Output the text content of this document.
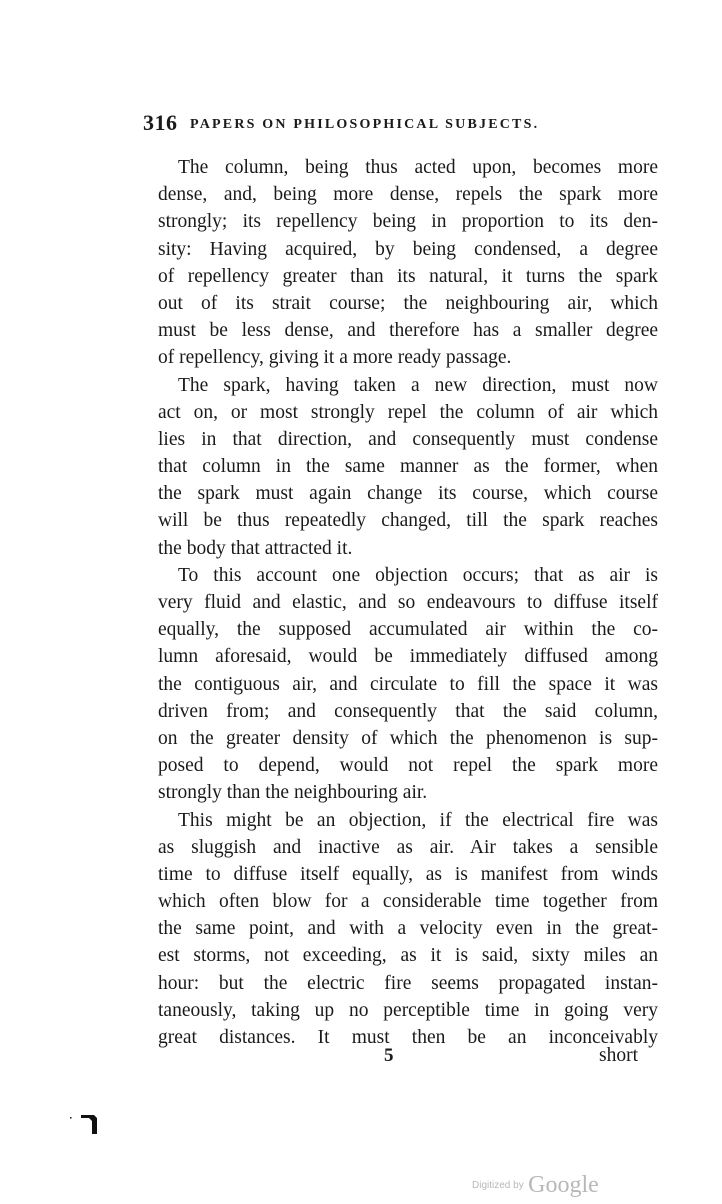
316 PAPERS ON PHILOSOPHICAL SUBJECTS.
The column, being thus acted upon, becomes more
dense, and, being more dense, repels the spark more
strongly; its repellency being in proportion to its den-
sity: Having acquired, by being condensed, a degree
of repellency greater than its natural, it turns the spark
out of its strait course; the neighbouring air, which
must be less dense, and therefore has a smaller degree
of repellency, giving it a more ready passage.
The spark, having taken a new direction, must now
act on, or most strongly repel the column of air which
lies in that direction, and consequently must condense
that column in the same manner as the former, when
the spark must again change its course, which course
will be thus repeatedly changed, till the spark reaches
the body that attracted it.
To this account one objection occurs; that as air is
very fluid and elastic, and so endeavours to diffuse itself
equally, the supposed accumulated air within the co-
lumn aforesaid, would be immediately diffused among
the contiguous air, and circulate to fill the space it was
driven from; and consequently that the said column,
on the greater density of which the phenomenon is sup-
posed to depend, would not repel the spark more
strongly than the neighbouring air.
This might be an objection, if the electrical fire was
as sluggish and inactive as air. Air takes a sensible
time to diffuse itself equally, as is manifest from winds
which often blow for a considerable time together from
the same point, and with a velocity even in the great-
est storms, not exceeding, as it is said, sixty miles an
hour: but the electric fire seems propagated instan-
taneously, taking up no perceptible time in going very
great distances. It must then be an inconceivably
5	short
Digitized by Google
